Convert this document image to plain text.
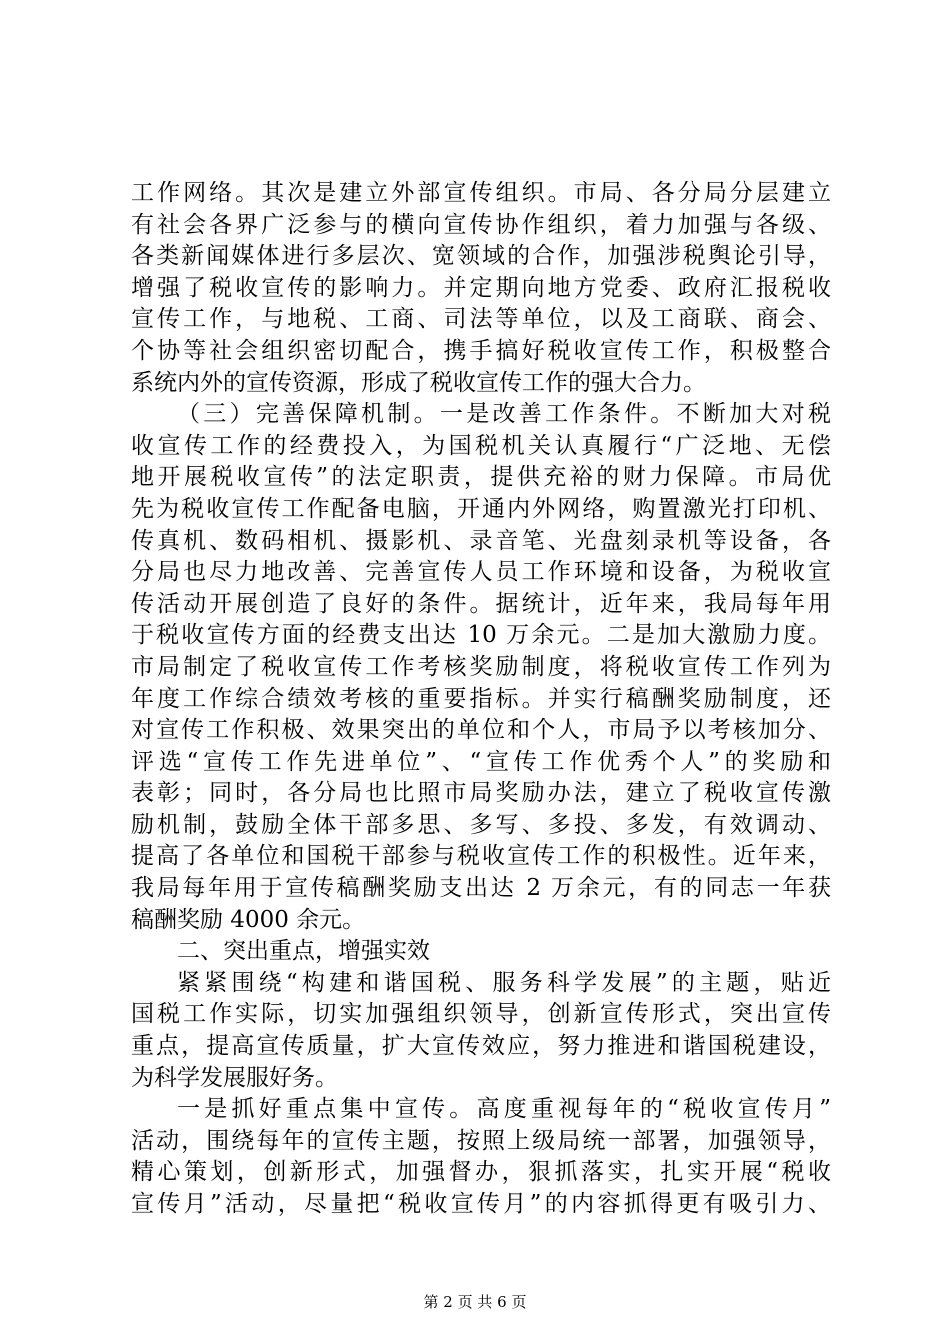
工作网络。其次是建立外部宣传组织。市局、各分局分层建立
有社会各界广泛参与的横向宣传协作组织，着力加强与各级、
各类新闻媒体进行多层次、宽领域的合作，加强涉税舆论引导，
增强了税收宣传的影响力。并定期向地方党委、政府汇报税收
宣传工作，与地税、工商、司法等单位，以及工商联、商会、
个协等社会组织密切配合，携手搞好税收宣传工作，积极整合
系统内外的宣传资源，形成了税收宣传工作的强大合力。
（三）完善保障机制。一是改善工作条件。不断加大对税
收宣传工作的经费投入，为国税机关认真履行“广泛地、无偿
地开展税收宣传”的法定职责，提供充裕的财力保障。市局优
先为税收宣传工作配备电脑，开通内外网络，购置激光打印机、
传真机、数码相机、摄影机、录音笔、光盘刻录机等设备，各
分局也尽力地改善、完善宣传人员工作环境和设备，为税收宣
传活动开展创造了良好的条件。据统计，近年来，我局每年用
于税收宣传方面的经费支出达 10 万余元。二是加大激励力度。
市局制定了税收宣传工作考核奖励制度，将税收宣传工作列为
年度工作综合绩效考核的重要指标。并实行稿酬奖励制度，还
对宣传工作积极、效果突出的单位和个人，市局予以考核加分、
评选“宣传工作先进单位”、“宣传工作优秀个人”的奖励和
表彰；同时，各分局也比照市局奖励办法，建立了税收宣传激
励机制，鼓励全体干部多思、多写、多投、多发，有效调动、
提高了各单位和国税干部参与税收宣传工作的积极性。近年来，
我局每年用于宣传稿酬奖励支出达 2 万余元，有的同志一年获
稿酬奖励 4000 余元。
二、突出重点，增强实效
紧紧围绕“构建和谐国税、服务科学发展”的主题，贴近
国税工作实际，切实加强组织领导，创新宣传形式，突出宣传
重点，提高宣传质量，扩大宣传效应，努力推进和谐国税建设，
为科学发展服好务。
一是抓好重点集中宣传。高度重视每年的“税收宣传月”
活动，围绕每年的宣传主题，按照上级局统一部署，加强领导，
精心策划，创新形式，加强督办，狠抓落实，扎实开展“税收
宣传月”活动，尽量把“税收宣传月”的内容抓得更有吸引力、
第 2 页 共 6 页
